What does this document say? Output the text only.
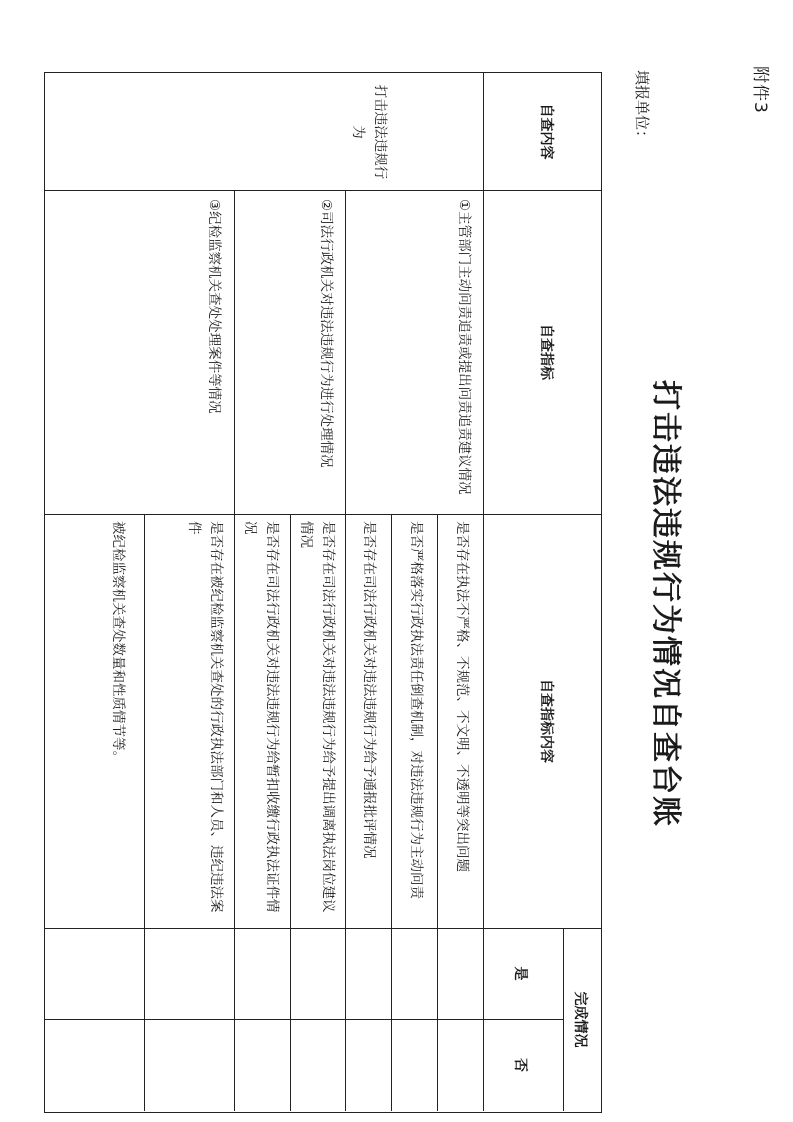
附件3
打击违法违规行为情况自查台账
填报单位：
自查内容
自查指标
自查指标内容
完成情况
是
否
打击违法违规行为
①主管部门主动问责追责或提出问责追责建议情况
②司法行政机关对违法违规行为进行处理情况
③纪检监察机关查处处理案件等情况
是否存在执法不严格、不规范、不文明、不透明等突出问题
是否严格落实行政执法责任倒查机制，对违法违规行为主动问责
是否存在司法行政机关对违法违规行为给予通报批评情况
是否存在司法行政机关对违法违规行为给予提出调离执法岗位建议情况
是否存在司法行政机关对违法违规行为给暂扣收缴行政执法证件情况
是否存在被纪检监察机关查处的行政执法部门和人员、违纪违法案件
被纪检监察机关查处数量和性质情节等。
